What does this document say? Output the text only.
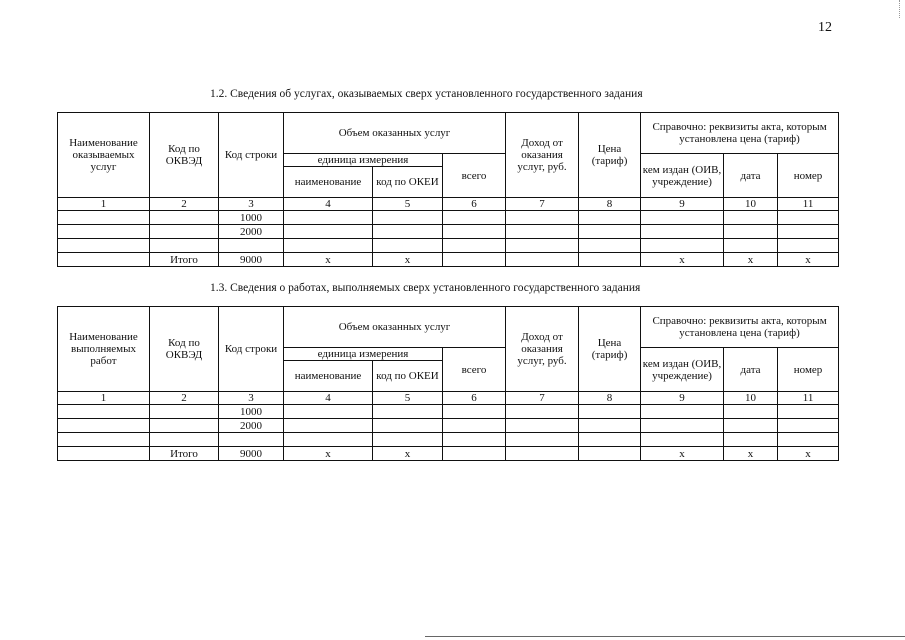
12
1.2. Сведения об услугах, оказываемых сверх установленного государственного задания
Наименование оказываемых услуг	Код по ОКВЭД	Код строки	Объем оказанных услуг			Доход от оказания услуг, руб.	Цена (тариф)	Справочно: реквизиты акта, которым установлена цена (тариф)		
			единица измерения		всего			кем издан (ОИВ, учреждение)	дата	номер
			наименование	код по ОКЕИ						
1	2	3	4	5	6	7	8	9	10	11
		1000								
		2000								

	Итого	9000	х	х				х	х	х
1.3. Сведения о работах, выполняемых сверх установленного государственного задания
Наименование выполняемых работ	Код по ОКВЭД	Код строки	Объем оказанных услуг			Доход от оказания услуг, руб.	Цена (тариф)	Справочно: реквизиты акта, которым установлена цена (тариф)		
			единица измерения		всего			кем издан (ОИВ, учреждение)	дата	номер
			наименование	код по ОКЕИ						
1	2	3	4	5	6	7	8	9	10	11
		1000								
		2000								

	Итого	9000	х	х				х	х	х
